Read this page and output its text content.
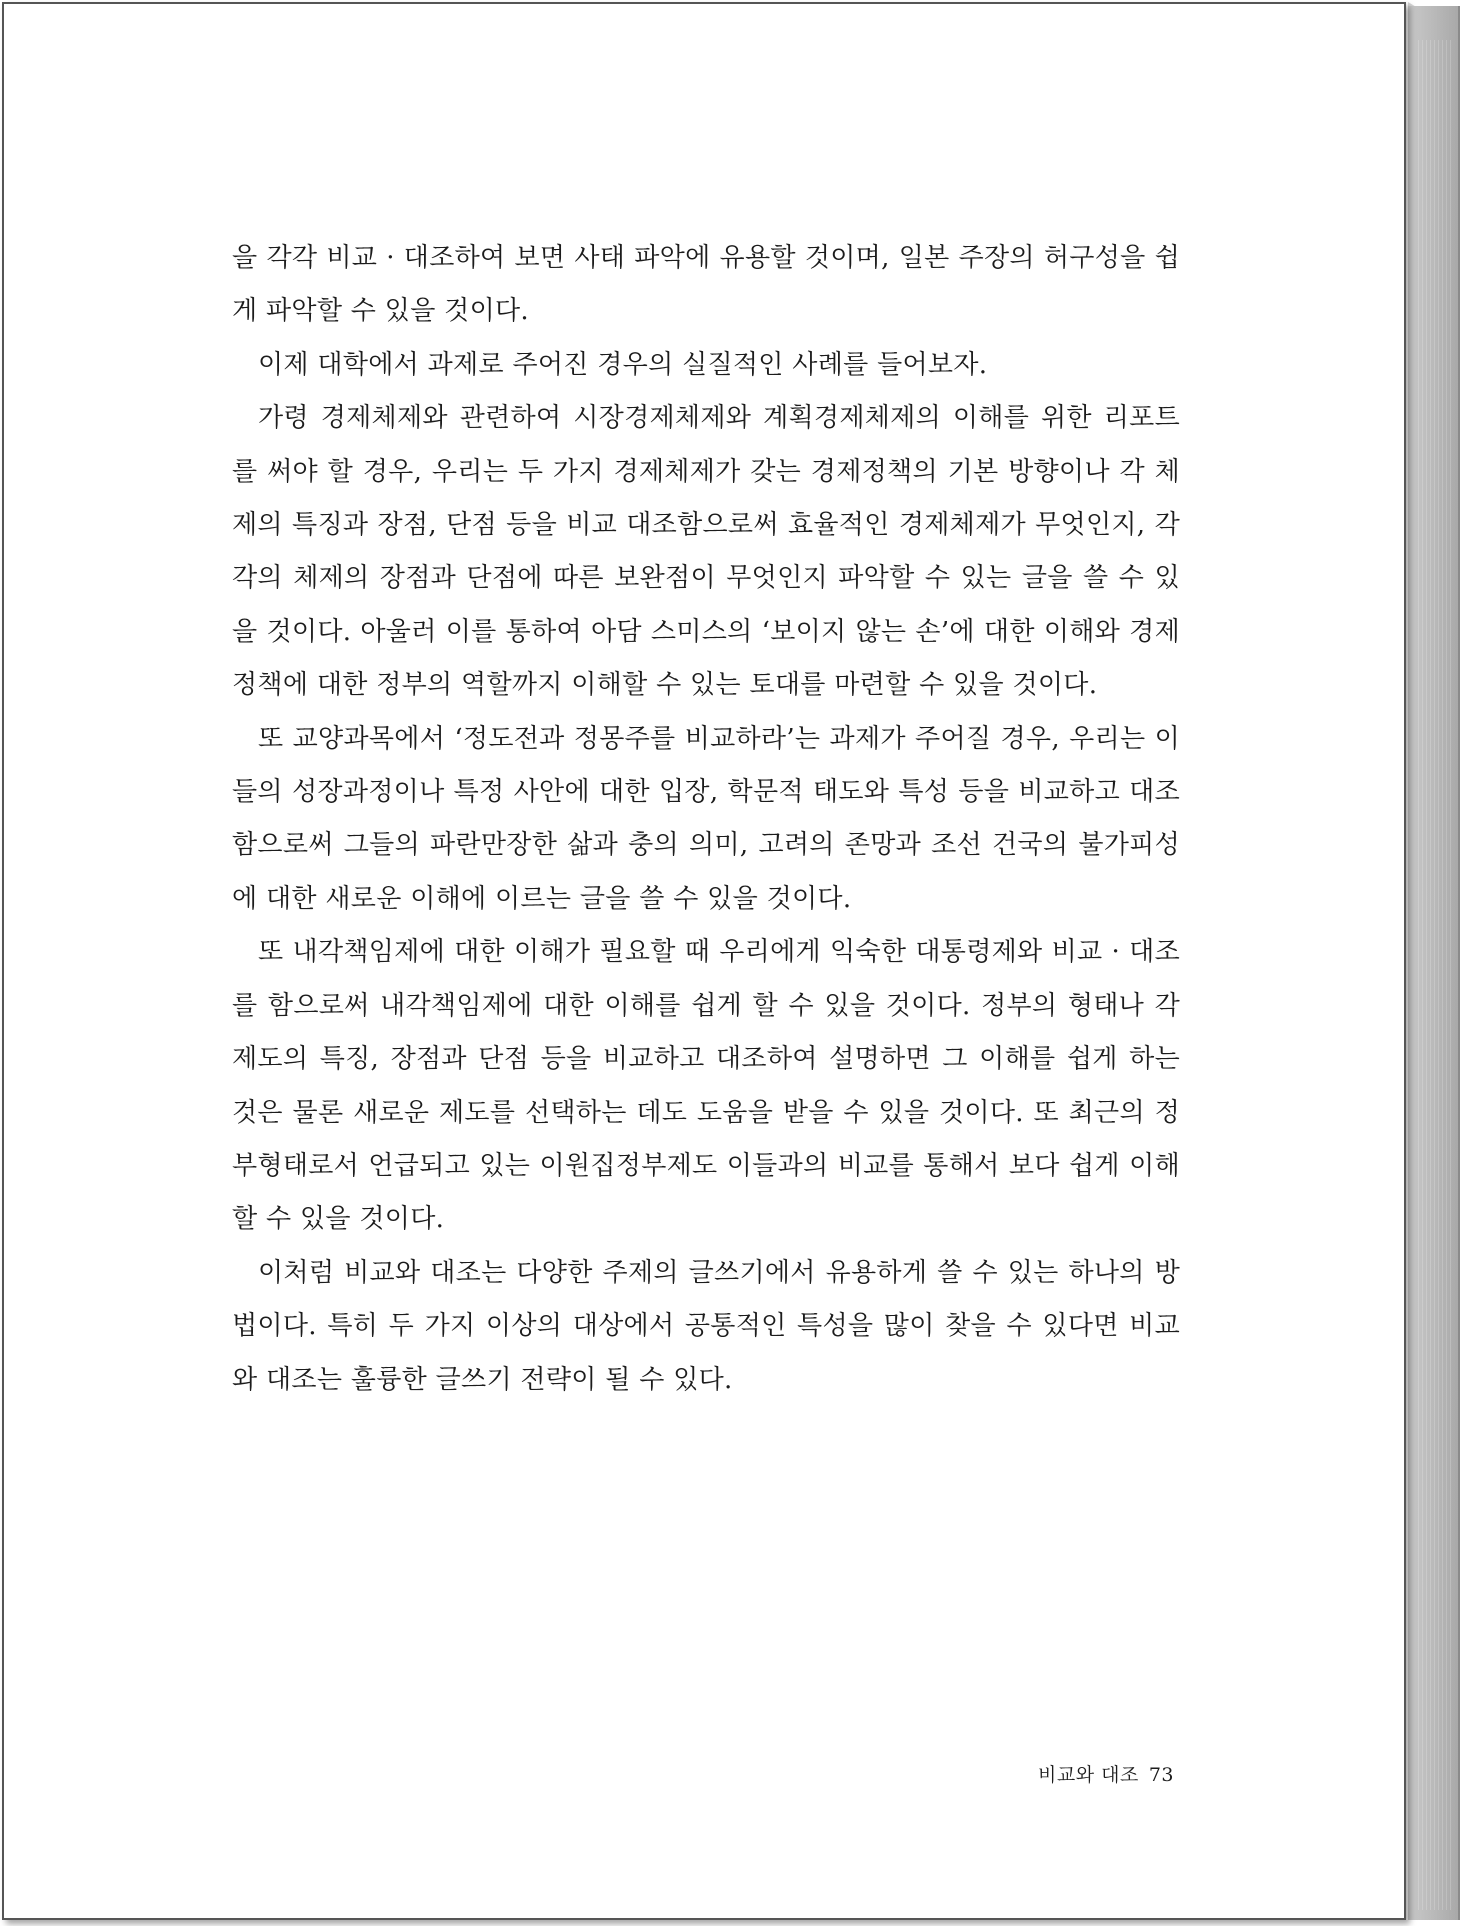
을 각각 비교 · 대조하여 보면 사태 파악에 유용할 것이며, 일본 주장의 허구성을 쉽게 파악할 수 있을 것이다.

이제 대학에서 과제로 주어진 경우의 실질적인 사례를 들어보자.

가령 경제체제와 관련하여 시장경제체제와 계획경제체제의 이해를 위한 리포트를 써야 할 경우, 우리는 두 가지 경제체제가 갖는 경제정책의 기본 방향이나 각 체제의 특징과 장점, 단점 등을 비교 대조함으로써 효율적인 경제체제가 무엇인지, 각각의 체제의 장점과 단점에 따른 보완점이 무엇인지 파악할 수 있는 글을 쓸 수 있을 것이다. 아울러 이를 통하여 아담 스미스의 ‘보이지 않는 손’에 대한 이해와 경제 정책에 대한 정부의 역할까지 이해할 수 있는 토대를 마련할 수 있을 것이다.

또 교양과목에서 ‘정도전과 정몽주를 비교하라’는 과제가 주어질 경우, 우리는 이들의 성장과정이나 특정 사안에 대한 입장, 학문적 태도와 특성 등을 비교하고 대조함으로써 그들의 파란만장한 삶과 충의 의미, 고려의 존망과 조선 건국의 불가피성에 대한 새로운 이해에 이르는 글을 쓸 수 있을 것이다.

또 내각책임제에 대한 이해가 필요할 때 우리에게 익숙한 대통령제와 비교 · 대조를 함으로써 내각책임제에 대한 이해를 쉽게 할 수 있을 것이다. 정부의 형태나 각 제도의 특징, 장점과 단점 등을 비교하고 대조하여 설명하면 그 이해를 쉽게 하는 것은 물론 새로운 제도를 선택하는 데도 도움을 받을 수 있을 것이다. 또 최근의 정부형태로서 언급되고 있는 이원집정부제도 이들과의 비교를 통해서 보다 쉽게 이해할 수 있을 것이다.

이처럼 비교와 대조는 다양한 주제의 글쓰기에서 유용하게 쓸 수 있는 하나의 방법이다. 특히 두 가지 이상의 대상에서 공통적인 특성을 많이 찾을 수 있다면 비교와 대조는 훌륭한 글쓰기 전략이 될 수 있다.

비교와 대조 73
